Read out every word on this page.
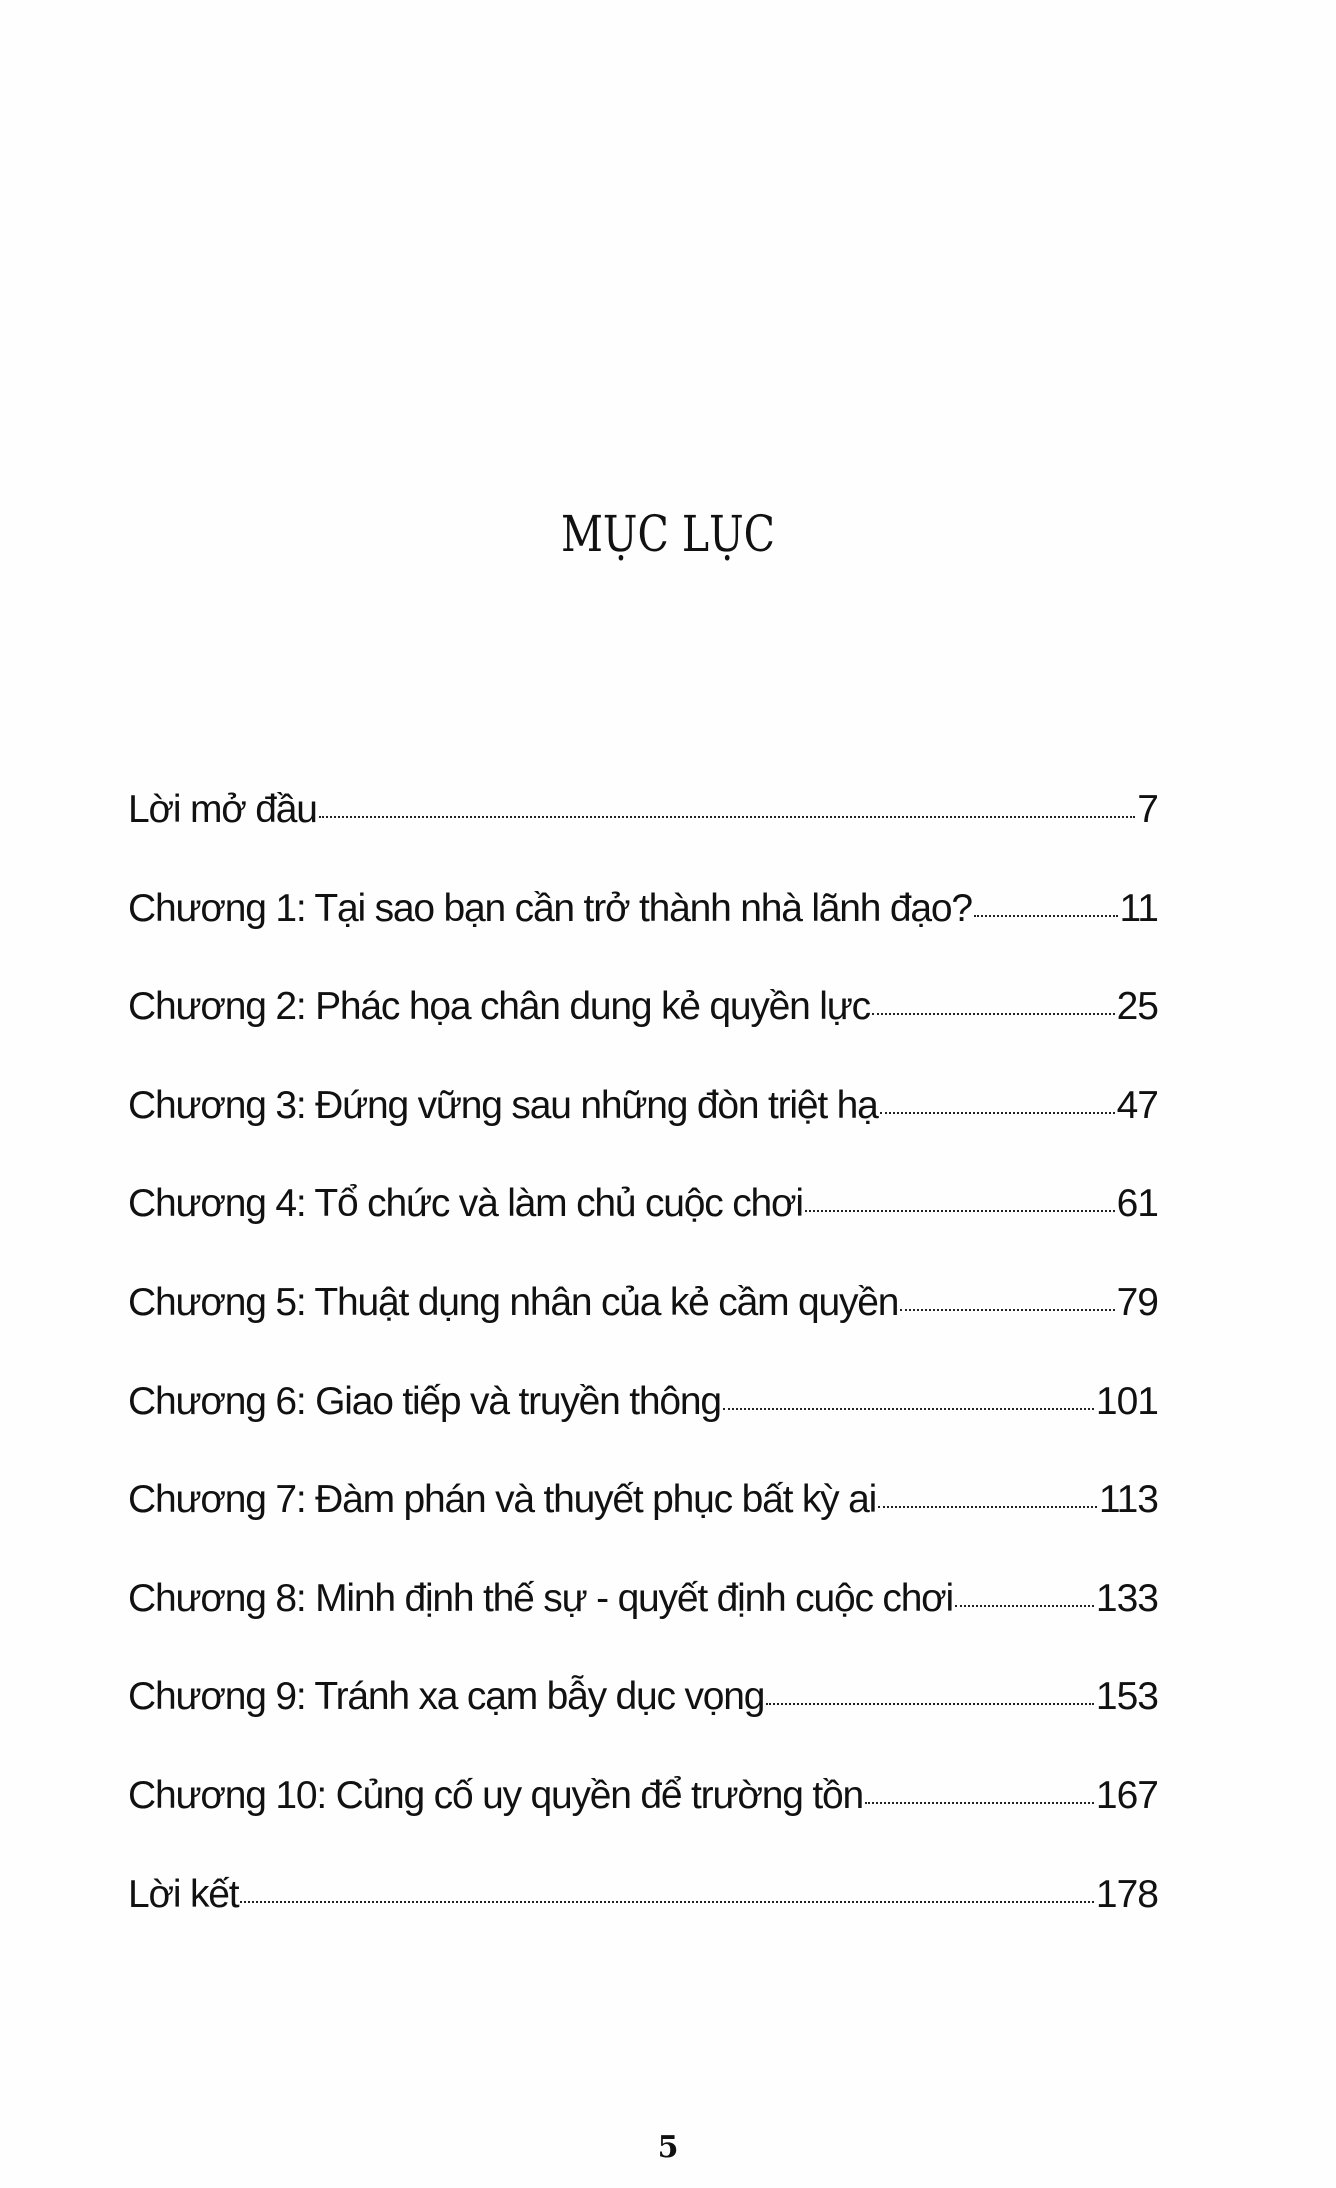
MỤC LỤC
Lời mở đầu	7
Chương 1: Tại sao bạn cần trở thành nhà lãnh đạo?	11
Chương 2: Phác họa chân dung kẻ quyền lực	25
Chương 3: Đứng vững sau những đòn triệt hạ	47
Chương 4: Tổ chức và làm chủ cuộc chơi	61
Chương 5: Thuật dụng nhân của kẻ cầm quyền	79
Chương 6: Giao tiếp và truyền thông	101
Chương 7: Đàm phán và thuyết phục bất kỳ ai	113
Chương 8: Minh định thế sự - quyết định cuộc chơi	133
Chương 9: Tránh xa cạm bẫy dục vọng	153
Chương 10: Củng cố uy quyền để trường tồn	167
Lời kết	178
5
